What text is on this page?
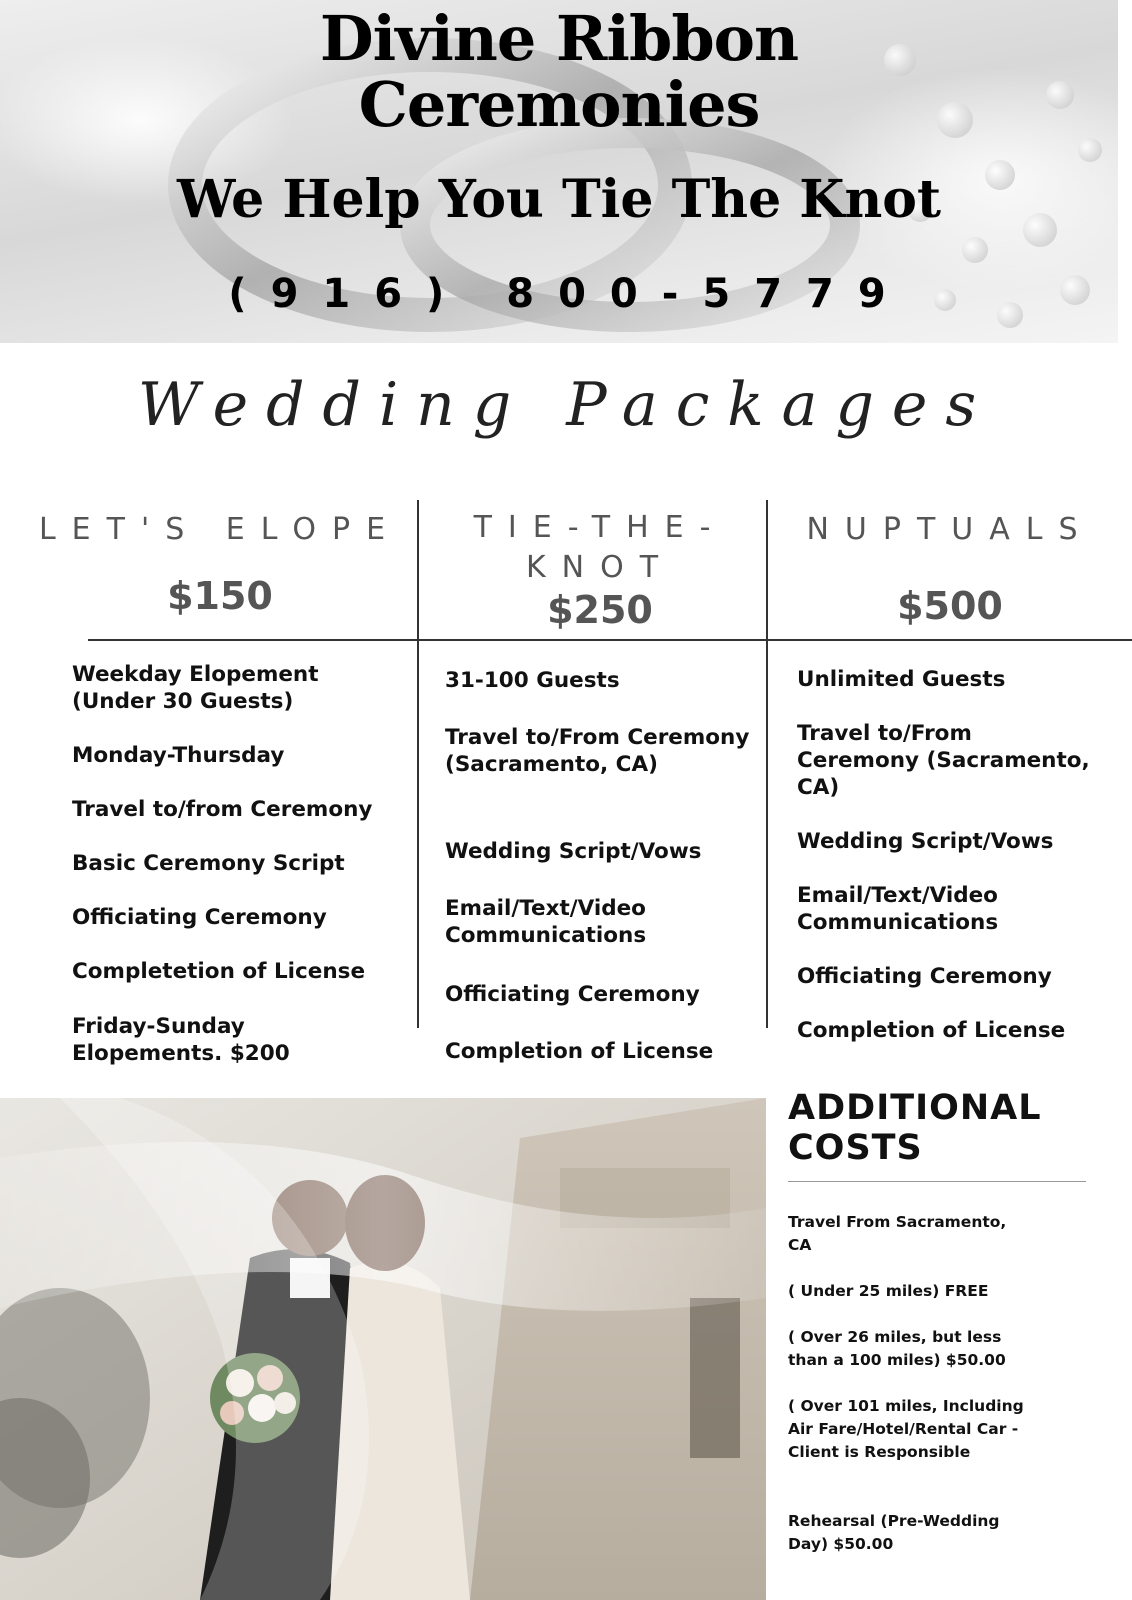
Divine Ribbon
Ceremonies
We Help You Tie The Knot
(916) 800-5779
Wedding Packages
LET'S ELOPE
$150
TIE-THE-KNOT
$250
NUPTUALS
$500
Weekday Elopement (Under 30 Guests)
Monday-Thursday
Travel to/from Ceremony
Basic Ceremony Script
Officiating Ceremony
Completetion of License
Friday-Sunday Elopements. $200
31-100 Guests
Travel to/From Ceremony (Sacramento, CA)
Wedding Script/Vows
Email/Text/Video Communications
Officiating Ceremony
Completion of License
Unlimited Guests
Travel to/From Ceremony (Sacramento, CA)
Wedding Script/Vows
Email/Text/Video Communications
Officiating Ceremony
Completion of License
ADDITIONAL COSTS
Travel From Sacramento, CA
( Under 25 miles) FREE
( Over 26 miles, but less than a 100 miles) $50.00
( Over 101 miles, Including Air Fare/Hotel/Rental Car - Client is Responsible
Rehearsal (Pre-Wedding Day) $50.00
